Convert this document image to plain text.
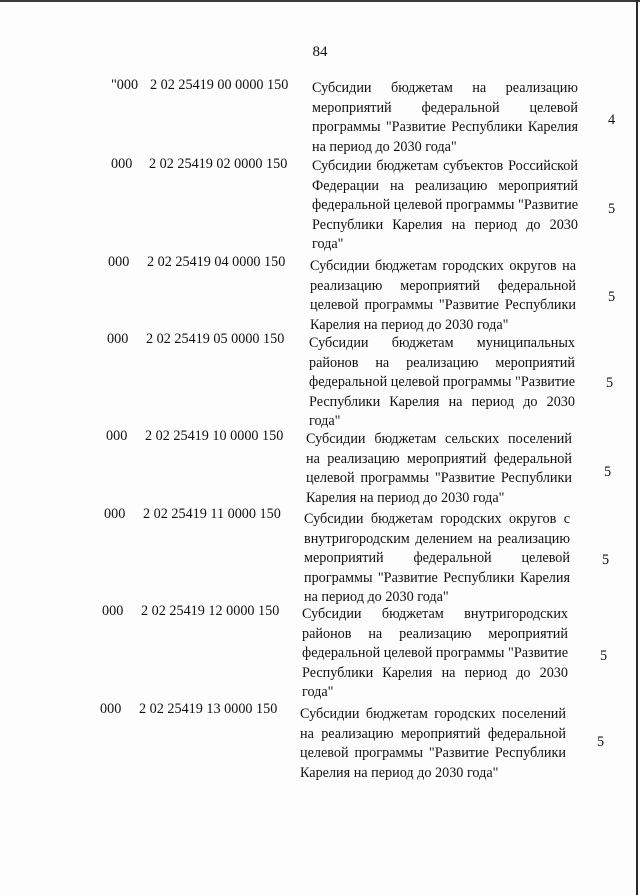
84
"000 2 02 25419 00 0000 150 Субсидии бюджетам на реализацию мероприятий федеральной целевой программы "Развитие Республики Карелия на период до 2030 года"
4
000 2 02 25419 02 0000 150 Субсидии бюджетам субъектов Российской Федерации на реализацию мероприятий федеральной целевой программы "Развитие Республики Карелия на период до 2030 года"
5
000 2 02 25419 04 0000 150 Субсидии бюджетам городских округов на реализацию мероприятий федеральной целевой программы "Развитие Республики Карелия на период до 2030 года"
5
000 2 02 25419 05 0000 150 Субсидии бюджетам муниципальных районов на реализацию мероприятий федеральной целевой программы "Развитие Республики Карелия на период до 2030 года"
5
000 2 02 25419 10 0000 150 Субсидии бюджетам сельских поселений на реализацию мероприятий федеральной целевой программы "Развитие Республики Карелия на период до 2030 года"
5
000 2 02 25419 11 0000 150 Субсидии бюджетам городских округов с внутригородским делением на реализацию мероприятий федеральной целевой программы "Развитие Республики Карелия на период до 2030 года"
5
000 2 02 25419 12 0000 150 Субсидии бюджетам внутригородских районов на реализацию мероприятий федеральной целевой программы "Развитие Республики Карелия на период до 2030 года"
5
000 2 02 25419 13 0000 150 Субсидии бюджетам городских поселений на реализацию мероприятий федеральной целевой программы "Развитие Республики Карелия на период до 2030 года"
5
